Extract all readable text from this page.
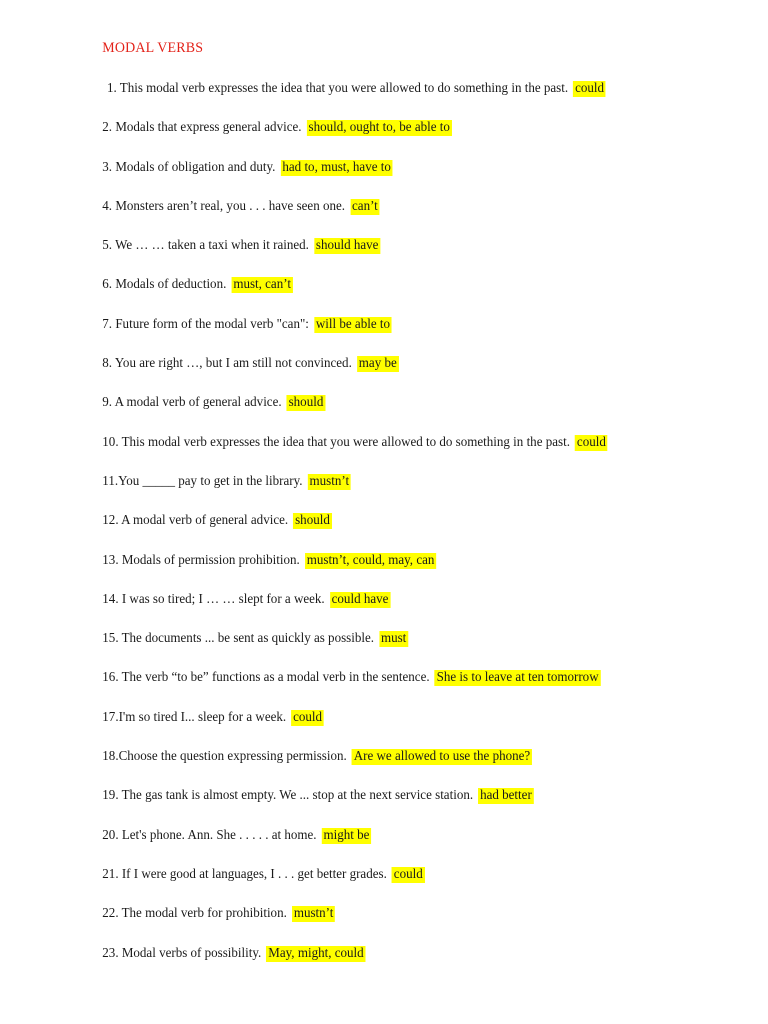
MODAL VERBS
1. This modal verb expresses the idea that you were allowed to do something in the past. could
2. Modals that express general advice. should, ought to, be able to
3. Modals of obligation and duty. had to, must, have to
4. Monsters aren’t real, you . . . have seen one. can’t
5. We … … taken a taxi when it rained. should have
6. Modals of deduction. must, can’t
7. Future form of the modal verb "can": will be able to
8. You are right …, but I am still not convinced. may be
9. A modal verb of general advice. should
10. This modal verb expresses the idea that you were allowed to do something in the past. could
11.You _____ pay to get in the library. mustn’t
12. A modal verb of general advice. should
13. Modals of permission prohibition. mustn’t, could, may, can
14. I was so tired; I … … slept for a week. could have
15. The documents ... be sent as quickly as possible. must
16. The verb “to be” functions as a modal verb in the sentence. She is to leave at ten tomorrow
17.I'm so tired I... sleep for a week. could
18.Choose the question expressing permission. Are we allowed to use the phone?
19. The gas tank is almost empty. We ... stop at the next service station. had better
20. Let's phone. Ann. She . . . . . at home. might be
21. If I were good at languages, I . . . get better grades. could
22. The modal verb for prohibition. mustn’t
23. Modal verbs of possibility. May, might, could
